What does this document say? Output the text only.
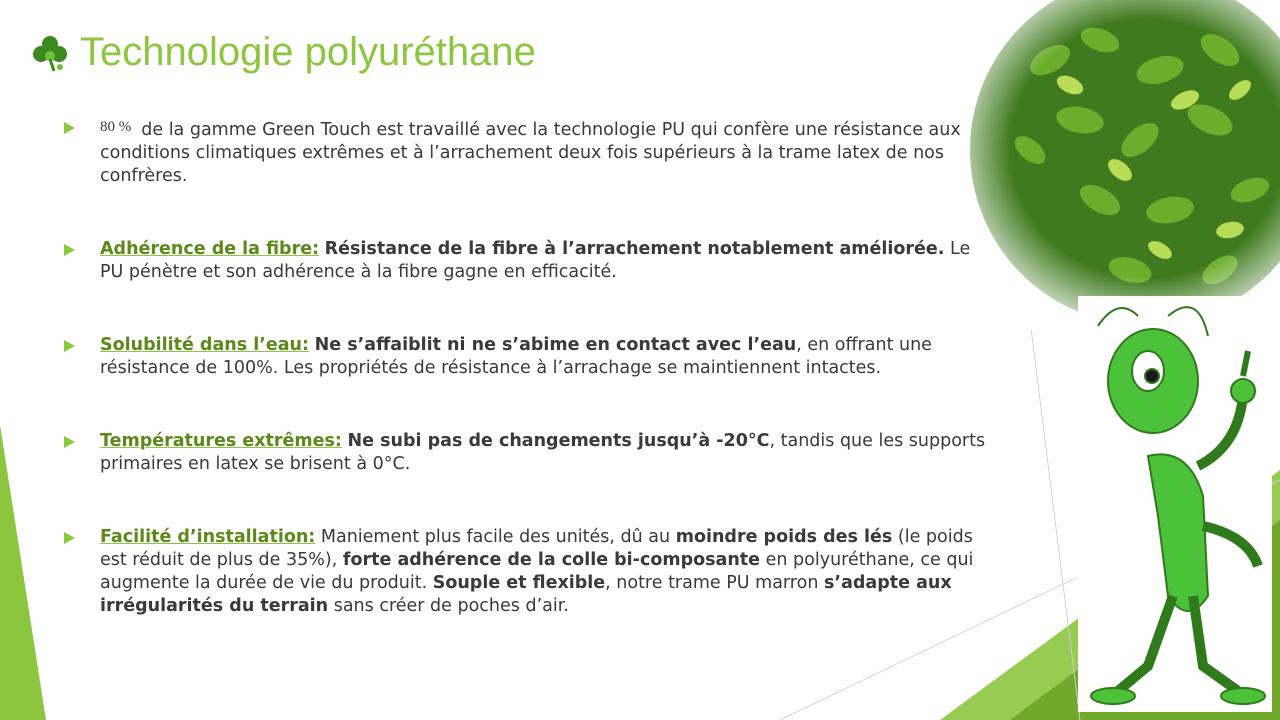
Technologie polyuréthane
80 % de la gamme Green Touch est travaillé avec la technologie PU qui confère une résistance aux conditions climatiques extrêmes et à l’arrachement deux fois supérieurs à la trame latex de nos confrères.
Adhérence de la fibre: Résistance de la fibre à l’arrachement notablement améliorée. Le PU pénètre et son adhérence à la fibre gagne en efficacité.
Solubilité dans l’eau: Ne s’affaiblit ni ne s’abime en contact avec l’eau, en offrant une résistance de 100%. Les propriétés de résistance à l’arrachage se maintiennent intactes.
Températures extrêmes: Ne subi pas de changements jusqu’à -20°C, tandis que les supports primaires en latex se brisent à 0°C.
Facilité d’installation: Maniement plus facile des unités, dû au moindre poids des lés (le poids est réduit de plus de 35%), forte adhérence de la colle bi-composante en polyuréthane, ce qui augmente la durée de vie du produit. Souple et flexible, notre trame PU marron s’adapte aux irrégularités du terrain sans créer de poches d’air.
